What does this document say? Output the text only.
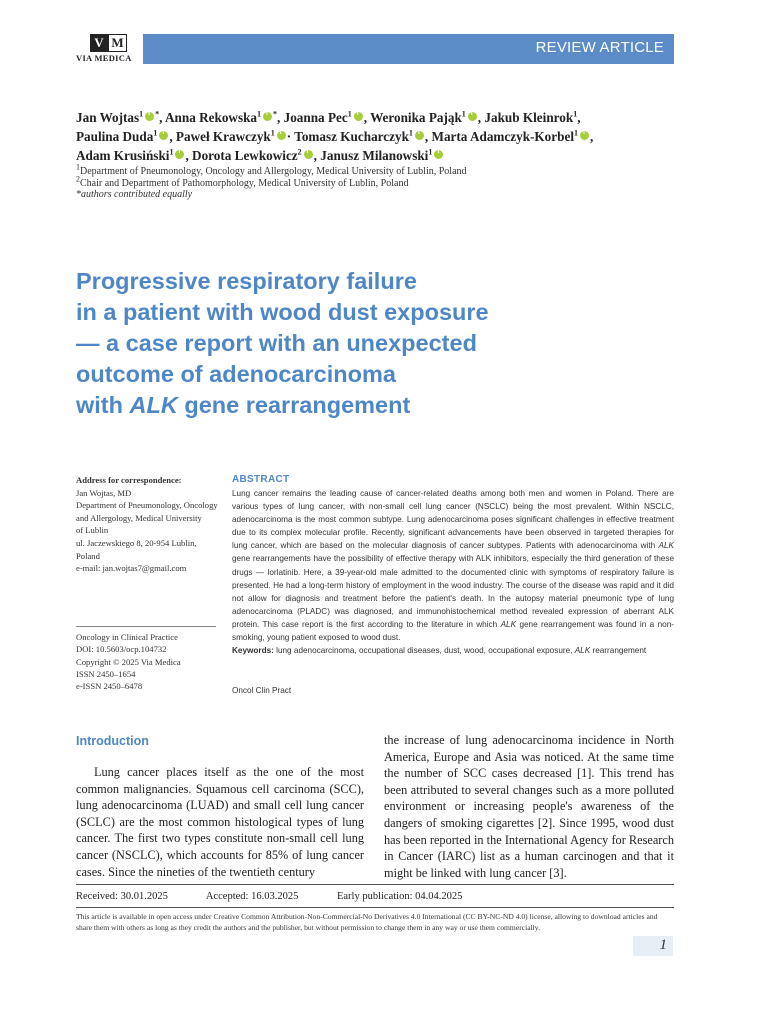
V M
VIA MEDICA
REVIEW ARTICLE
Jan Wojtas$^1$ i *, Anna Rekowska$^1$ i *, Joanna Pec$^1$ i , Weronika Pająk$^1$ i , Jakub Kleinrok$^1$,
Paulina Duda$^1$ i , Paweł Krawczyk$^1$ i · Tomasz Kucharczyk$^1$ i , Marta Adamczyk-Korbel$^1$i ,
Adam Krusiński$^1$ i , Dorota Lewkowicz$^2$ i , Janusz Milanowski$^1$i
$^1$Department of Pneumonology, Oncology and Allergology, Medical University of Lublin, Poland
$^2$Chair and Department of Pathomorphology, Medical University of Lublin, Poland
*authors contributed equally
Progressive respiratory failure
in a patient with wood dust exposure
— a case report with an unexpected
outcome of adenocarcinoma
with ALK gene rearrangement
Address for correspondence:
Jan Wojtas, MD
Department of Pneumonology, Oncology
and Allergology, Medical University
of Lublin
ul. Jaczewskiego 8, 20-954 Lublin, Poland
e-mail: jan.wojtas7@gmail.com
Oncology in Clinical Practice
DOI: 10.5603/ocp.104732
Copyright © 2025 Via Medica
ISSN 2450–1654
e-ISSN 2450–6478
ABSTRACT
Lung cancer remains the leading cause of cancer-related deaths among both men and women in Poland. There are various types of lung cancer, with non-small cell lung cancer (NSCLC) being the most prevalent. Within NSCLC, adenocarcinoma is the most common subtype. Lung adenocarcinoma poses significant challenges in effective treatment due to its complex molecular profile. Recently, significant advancements have been observed in targeted therapies for lung cancer, which are based on the molecular diagnosis of cancer subtypes. Patients with adenocarcinoma with ALK gene rearrangements have the possibility of effective therapy with ALK inhibitors, especially the third generation of these drugs — lorlatinib. Here, a 39-year-old male admitted to the documented clinic with symptoms of respiratory failure is presented. He had a long-term history of employment in the wood industry. The course of the disease was rapid and it did not allow for diagnosis and treatment before the patient's death. In the autopsy material pneumonic type of lung adenocarcinoma (PLADC) was diagnosed, and immunohistochemical method revealed expression of aberrant ALK protein. This case report is the first according to the literature in which ALK gene rearrangement was found in a non-smoking, young patient exposed to wood dust.
Keywords: lung adenocarcinoma, occupational diseases, dust, wood, occupational exposure, ALK rearrangement
Oncol Clin Pract
Introduction
Lung cancer places itself as the one of the most common malignancies. Squamous cell carcinoma (SCC), lung adenocarcinoma (LUAD) and small cell lung cancer (SCLC) are the most common histological types of lung cancer. The first two types constitute non-small cell lung cancer (NSCLC), which accounts for 85% of lung cancer cases. Since the nineties of the twentieth century
the increase of lung adenocarcinoma incidence in North America, Europe and Asia was noticed. At the same time the number of SCC cases decreased [1]. This trend has been attributed to several changes such as a more polluted environment or increasing people's awareness of the dangers of smoking cigarettes [2]. Since 1995, wood dust has been reported in the International Agency for Research in Cancer (IARC) list as a human carcinogen and that it might be linked with lung cancer [3].
Received: 30.01.2025	Accepted: 16.03.2025	Early publication: 04.04.2025
This article is available in open access under Creative Common Attribution-Non-Commercial-No Derivatives 4.0 International (CC BY-NC-ND 4.0) license, allowing to download articles and share them with others as long as they credit the authors and the publisher, but without permission to change them in any way or use them commercially.
1
